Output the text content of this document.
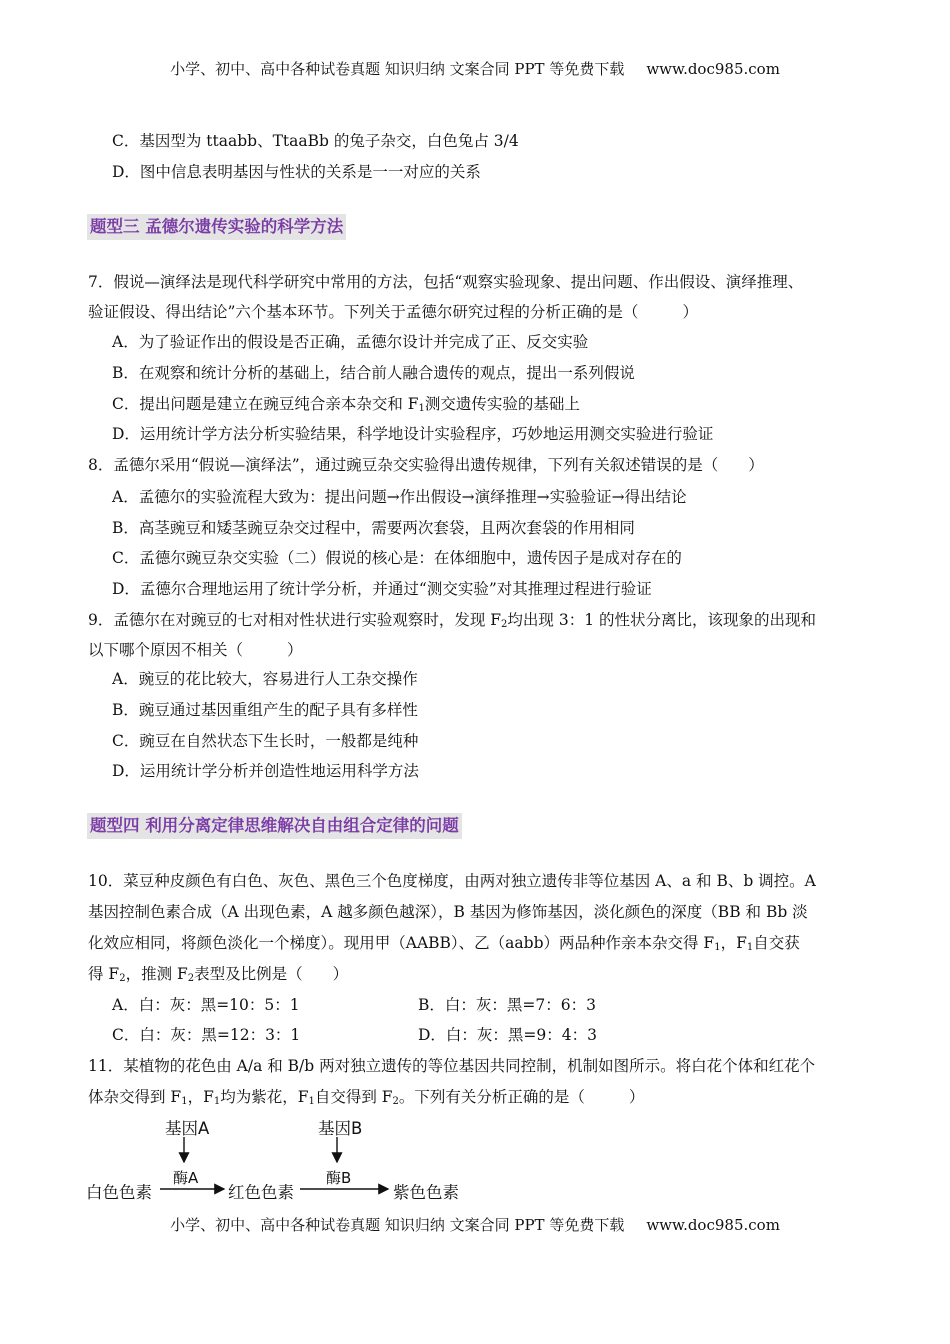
小学、初中、高中各种试卷真题 知识归纳 文案合同 PPT 等免费下载 www.doc985.com
C．基因型为 ttaabb、TtaaBb 的兔子杂交，白色兔占 3/4
D．图中信息表明基因与性状的关系是一一对应的关系
题型三 孟德尔遗传实验的科学方法
7．假说—演绎法是现代科学研究中常用的方法，包括“观察实验现象、提出问题、作出假设、演绎推理、
验证假设、得出结论”六个基本环节。下列关于孟德尔研究过程的分析正确的是（	）
A．为了验证作出的假设是否正确，孟德尔设计并完成了正、反交实验
B．在观察和统计分析的基础上，结合前人融合遗传的观点，提出一系列假说
C．提出问题是建立在豌豆纯合亲本杂交和 $F_1$测交遗传实验的基础上
D．运用统计学方法分析实验结果，科学地设计实验程序，巧妙地运用测交实验进行验证
8．孟德尔采用“假说—演绎法”，通过豌豆杂交实验得出遗传规律，下列有关叙述错误的是（ ）
A．孟德尔的实验流程大致为：提出问题→作出假设→演绎推理→实验验证→得出结论
B．高茎豌豆和矮茎豌豆杂交过程中，需要两次套袋，且两次套袋的作用相同
C．孟德尔豌豆杂交实验（二）假说的核心是：在体细胞中，遗传因子是成对存在的
D．孟德尔合理地运用了统计学分析，并通过“测交实验”对其推理过程进行验证
9．孟德尔在对豌豆的七对相对性状进行实验观察时，发现 $F_2$均出现 3：1 的性状分离比，该现象的出现和
以下哪个原因不相关（	）
A．豌豆的花比较大，容易进行人工杂交操作
B．豌豆通过基因重组产生的配子具有多样性
C．豌豆在自然状态下生长时，一般都是纯种
D．运用统计学分析并创造性地运用科学方法
题型四 利用分离定律思维解决自由组合定律的问题
10．菜豆种皮颜色有白色、灰色、黑色三个色度梯度，由两对独立遗传非等位基因 A、a 和 B、b 调控。A
基因控制色素合成（A 出现色素，A 越多颜色越深），B 基因为修饰基因，淡化颜色的深度（BB 和 Bb 淡
化效应相同，将颜色淡化一个梯度）。现用甲（AABB）、乙（aabb）两品种作亲本杂交得 $F_1$，$F_1$自交获
得 $F_2$，推测 $F_2$表型及比例是（ ）
A．白：灰：黑=10：5：1	B．白：灰：黑=7：6：3
C．白：灰：黑=12：3：1	D．白：灰：黑=9：4：3
11．某植物的花色由 A/a 和 B/b 两对独立遗传的等位基因共同控制，机制如图所示。将白花个体和红花个
体杂交得到 $F_1$，$F_1$均为紫花，$F_1$自交得到 $F_2$。下列有关分析正确的是（	）
基因A	基因B
酶A	酶B
白色色素	红色色素	紫色色素
小学、初中、高中各种试卷真题 知识归纳 文案合同 PPT 等免费下载 www.doc985.com
